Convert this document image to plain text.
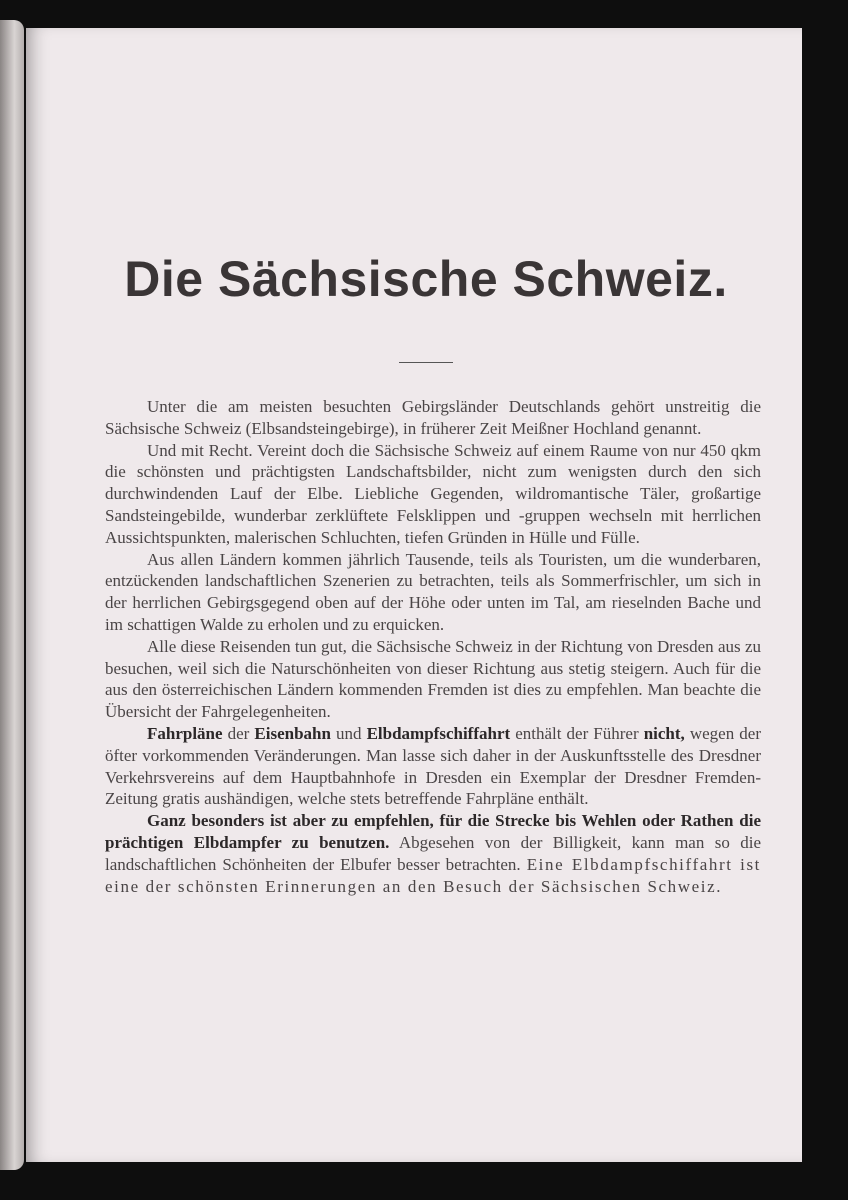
Die Sächsische Schweiz.

Unter die am meisten besuchten Gebirgsländer Deutschlands gehört unstreitig die Sächsische Schweiz (Elbsandsteingebirge), in früherer Zeit Meißner Hochland genannt.

Und mit Recht. Vereint doch die Sächsische Schweiz auf einem Raume von nur 450 qkm die schönsten und prächtigsten Landschaftsbilder, nicht zum wenigsten durch den sich durchwindenden Lauf der Elbe. Liebliche Gegenden, wildromantische Täler, großartige Sandsteingebilde, wunderbar zerklüftete Felsklippen und -gruppen wechseln mit herrlichen Aussichtspunkten, malerischen Schluchten, tiefen Gründen in Hülle und Fülle.

Aus allen Ländern kommen jährlich Tausende, teils als Touristen, um die wunderbaren, entzückenden landschaftlichen Szenerien zu betrachten, teils als Sommerfrischler, um sich in der herrlichen Gebirgsgegend oben auf der Höhe oder unten im Tal, am rieselnden Bache und im schattigen Walde zu erholen und zu erquicken.

Alle diese Reisenden tun gut, die Sächsische Schweiz in der Richtung von Dresden aus zu besuchen, weil sich die Naturschönheiten von dieser Richtung aus stetig steigern. Auch für die aus den österreichischen Ländern kommenden Fremden ist dies zu empfehlen. Man beachte die Übersicht der Fahrgelegenheiten.

Fahrpläne der Eisenbahn und Elbdampfschiffahrt enthält der Führer nicht, wegen der öfter vorkommenden Veränderungen. Man lasse sich daher in der Auskunftsstelle des Dresdner Verkehrsvereins auf dem Hauptbahnhofe in Dresden ein Exemplar der Dresdner Fremden-Zeitung gratis aushändigen, welche stets betreffende Fahrpläne enthält.

Ganz besonders ist aber zu empfehlen, für die Strecke bis Wehlen oder Rathen die prächtigen Elbdampfer zu benutzen. Abgesehen von der Billigkeit, kann man so die landschaftlichen Schönheiten der Elbufer besser betrachten. Eine Elbdampfschiffahrt ist eine der schönsten Erinnerungen an den Besuch der Sächsischen Schweiz.
